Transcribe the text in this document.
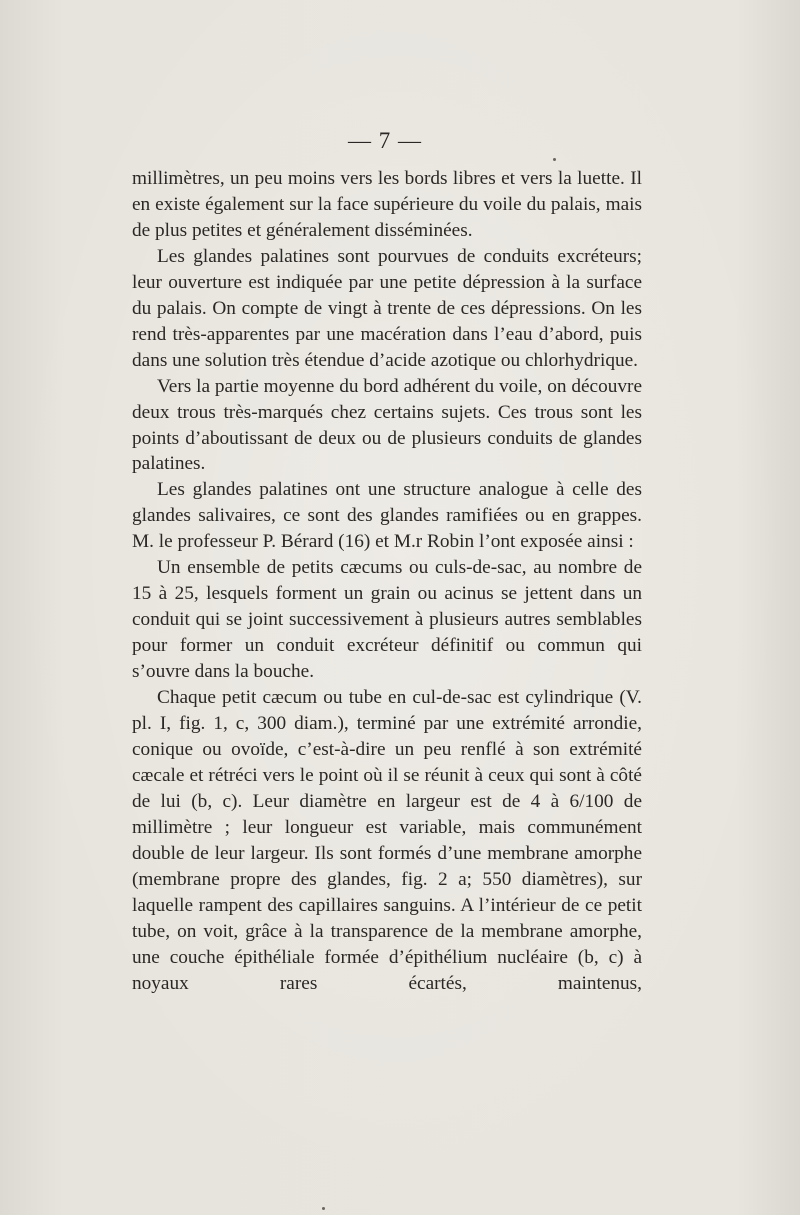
— 7 —

millimètres, un peu moins vers les bords libres et vers la luette. Il en existe également sur la face supérieure du voile du palais, mais de plus petites et généralement disséminées.

Les glandes palatines sont pourvues de conduits excréteurs; leur ouverture est indiquée par une petite dépression à la surface du palais. On compte de vingt à trente de ces dépressions. On les rend très-apparentes par une macération dans l’eau d’abord, puis dans une solution très étendue d’acide azotique ou chlorhydrique.

Vers la partie moyenne du bord adhérent du voile, on découvre deux trous très-marqués chez certains sujets. Ces trous sont les points d’aboutissant de deux ou de plusieurs conduits de glandes palatines.

Les glandes palatines ont une structure analogue à celle des glandes salivaires, ce sont des glandes ramifiées ou en grappes. M. le professeur P. Bérard (16) et M.r Robin l’ont exposée ainsi :

Un ensemble de petits cæcums ou culs-de-sac, au nombre de 15 à 25, lesquels forment un grain ou acinus se jettent dans un conduit qui se joint successivement à plusieurs autres semblables pour former un conduit excréteur définitif ou commun qui s’ouvre dans la bouche.

Chaque petit cæcum ou tube en cul-de-sac est cylindrique (V. pl. I, fig. 1, c, 300 diam.), terminé par une extrémité arrondie, conique ou ovoïde, c’est-à-dire un peu renflé à son extrémité cæcale et rétréci vers le point où il se réunit à ceux qui sont à côté de lui (b, c). Leur diamètre en largeur est de 4 à 6/100 de millimètre ; leur longueur est variable, mais communément double de leur largeur. Ils sont formés d’une membrane amorphe (membrane propre des glandes, fig. 2 a; 550 diamètres), sur laquelle rampent des capillaires sanguins. A l’intérieur de ce petit tube, on voit, grâce à la transparence de la membrane amorphe, une couche épithéliale formée d’épithélium nucléaire (b, c) à noyaux rares écartés, maintenus,
